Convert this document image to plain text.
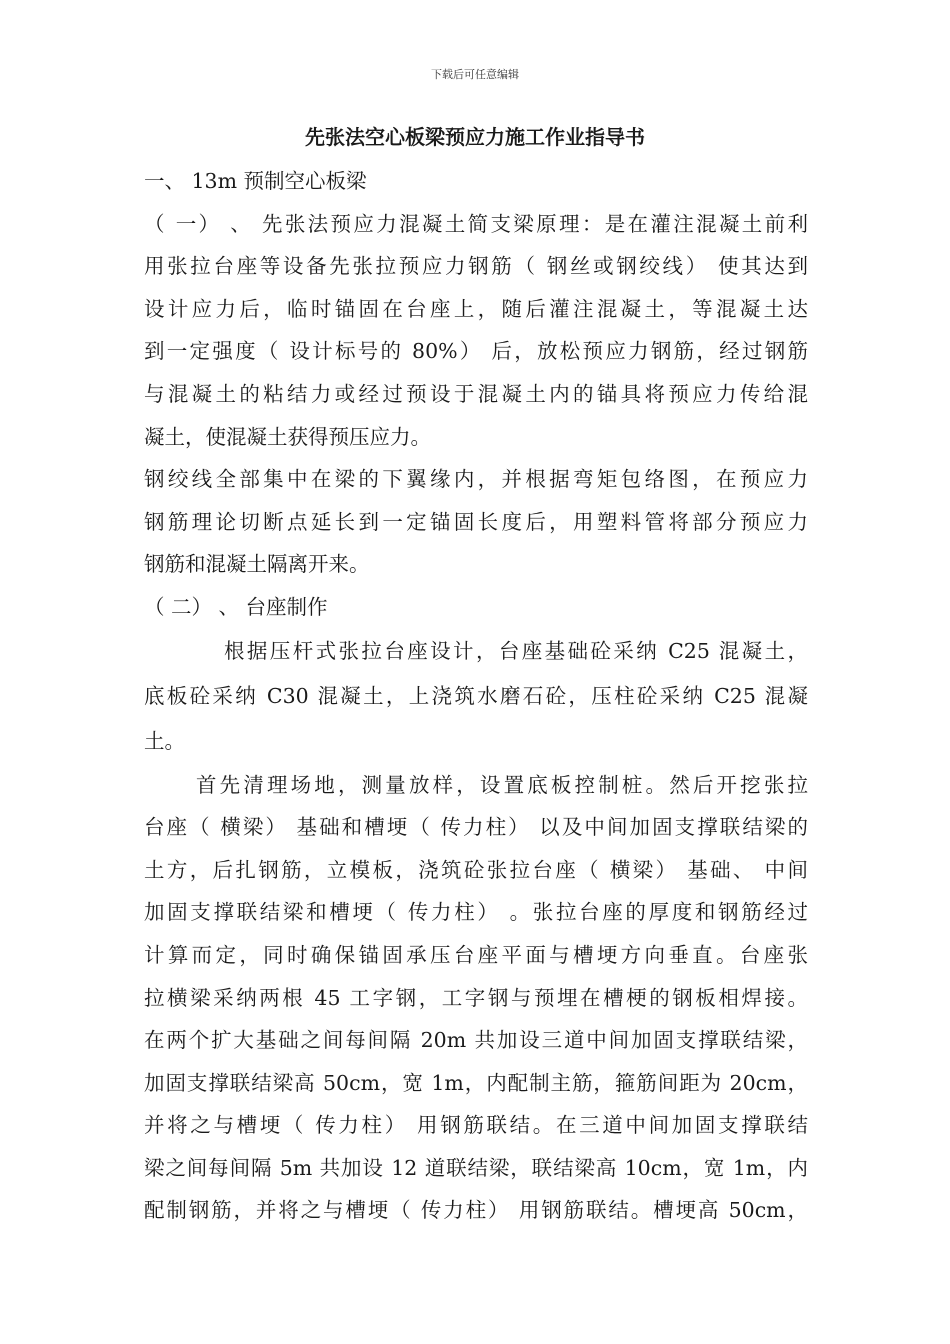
下载后可任意编辑
先张法空心板梁预应力施工作业指导书
一、 13m 预制空心板梁
（ 一） 、 先张法预应力混凝土简支梁原理：是在灌注混凝土前利
用张拉台座等设备先张拉预应力钢筋（ 钢丝或钢绞线） 使其达到
设计应力后，临时锚固在台座上，随后灌注混凝土，等混凝土达
到一定强度（ 设计标号的 80%） 后，放松预应力钢筋，经过钢筋
与混凝土的粘结力或经过预设于混凝土内的锚具将预应力传给混
凝土，使混凝土获得预压应力。
钢绞线全部集中在梁的下翼缘内，并根据弯矩包络图，在预应力
钢筋理论切断点延长到一定锚固长度后，用塑料管将部分预应力
钢筋和混凝土隔离开来。
（ 二） 、 台座制作
根据压杆式张拉台座设计，台座基础砼采纳 C25 混凝土，
底板砼采纳 C30 混凝土，上浇筑水磨石砼，压柱砼采纳 C25 混凝
土。
首先清理场地，测量放样，设置底板控制桩。然后开挖张拉
台座（ 横梁） 基础和槽埂（ 传力柱） 以及中间加固支撑联结梁的
土方，后扎钢筋，立模板，浇筑砼张拉台座（ 横梁） 基础、 中间
加固支撑联结梁和槽埂（ 传力柱） 。张拉台座的厚度和钢筋经过
计算而定，同时确保锚固承压台座平面与槽埂方向垂直。台座张
拉横梁采纳两根 45 工字钢，工字钢与预埋在槽梗的钢板相焊接。
在两个扩大基础之间每间隔 20m 共加设三道中间加固支撑联结梁，
加固支撑联结梁高 50cm，宽 1m，内配制主筋，箍筋间距为 20cm，
并将之与槽埂（ 传力柱） 用钢筋联结。在三道中间加固支撑联结
梁之间每间隔 5m 共加设 12 道联结梁，联结梁高 10cm，宽 1m，内
配制钢筋，并将之与槽埂（ 传力柱） 用钢筋联结。槽埂高 50cm，
